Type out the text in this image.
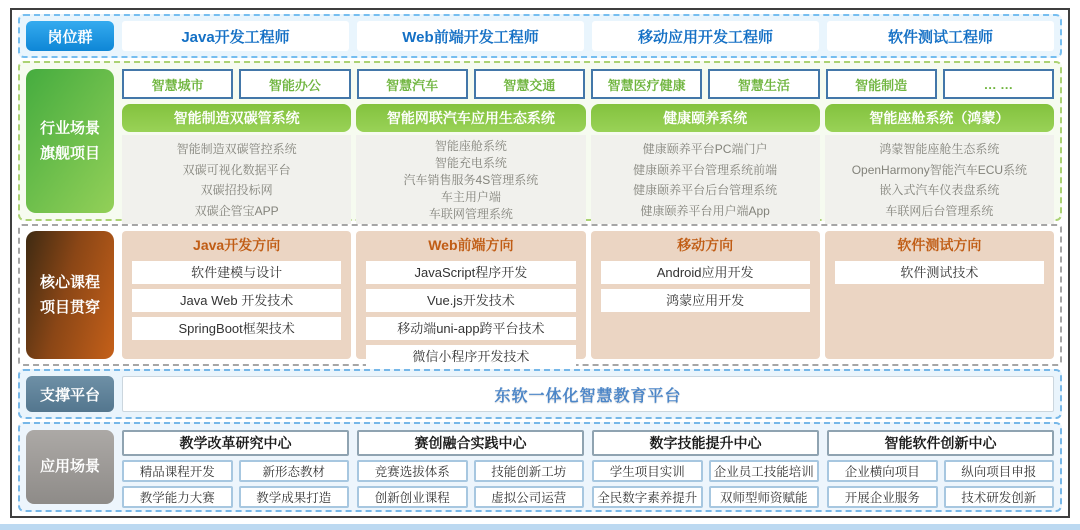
岗位群	Java开发工程师	Web前端开发工程师	移动应用开发工程师	软件测试工程师
行业场景
旗舰项目
智慧城市	智能办公	智慧汽车	智慧交通	智慧医疗健康	智慧生活	智能制造	… …
智能制造双碳管系统
智能制造双碳管控系统
双碳可视化数据平台
双碳招投标网
双碳企管宝APP
智能网联汽车应用生态系统
智能座舱系统
智能充电系统
汽车销售服务4S管理系统
车主用户端
车联网管理系统
健康颐养系统
健康颐养平台PC端门户
健康颐养平台管理系统前端
健康颐养平台后台管理系统
健康颐养平台用户端App
智能座舱系统（鸿蒙）
鸿蒙智能座舱生态系统
OpenHarmony智能汽车ECU系统
嵌入式汽车仪表盘系统
车联网后台管理系统
核心课程
项目贯穿
Java开发方向
软件建模与设计
Java Web 开发技术
SpringBoot框架技术
Web前端方向
JavaScript程序开发
Vue.js开发技术
移动端uni-app跨平台技术
微信小程序开发技术
移动方向
Android应用开发
鸿蒙应用开发
软件测试方向
软件测试技术
支撑平台	东软一体化智慧教育平台
应用场景
教学改革研究中心
精品课程开发	新形态教材
教学能力大赛	教学成果打造
赛创融合实践中心
竞赛选拔体系	技能创新工坊
创新创业课程	虚拟公司运营
数字技能提升中心
学生项目实训	企业员工技能培训
全民数字素养提升	双师型师资赋能
智能软件创新中心
企业横向项目	纵向项目申报
开展企业服务	技术研发创新
